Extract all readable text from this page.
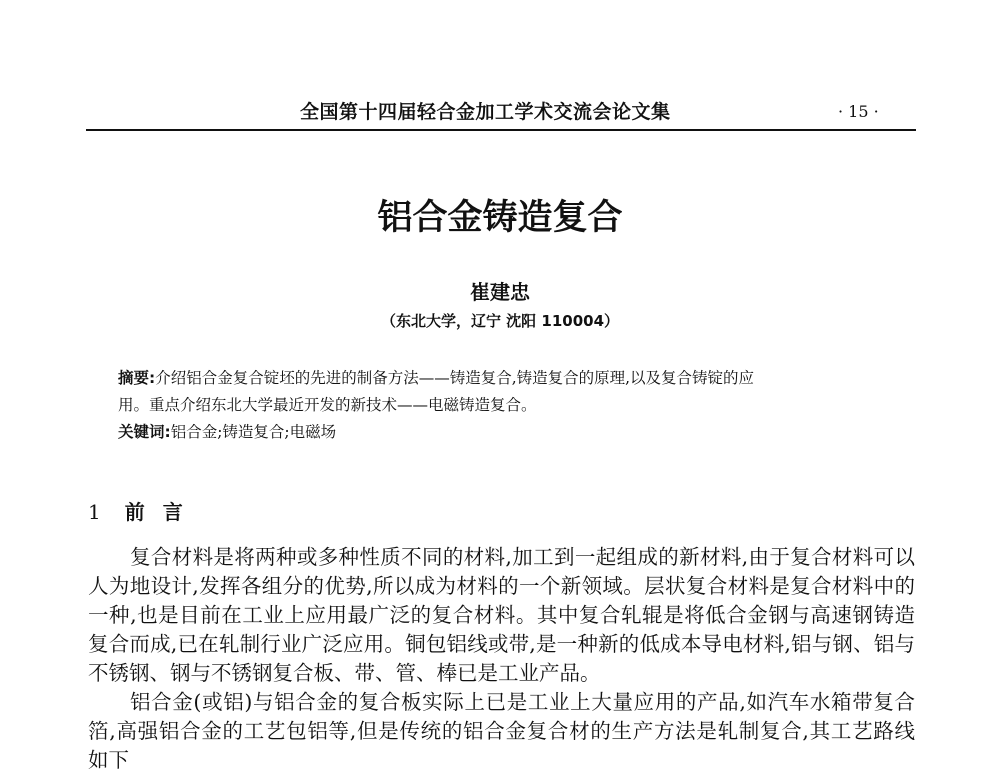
全国第十四届轻合金加工学术交流会论文集	· 15 ·
铝合金铸造复合
崔建忠
（东北大学，辽宁 沈阳 110004）
摘要:介绍铝合金复合锭坯的先进的制备方法——铸造复合,铸造复合的原理,以及复合铸锭的应
用。重点介绍东北大学最近开发的新技术——电磁铸造复合。
关键词:铝合金;铸造复合;电磁场
1 前 言
复合材料是将两种或多种性质不同的材料,加工到一起组成的新材料,由于复合材料可以
人为地设计,发挥各组分的优势,所以成为材料的一个新领域。层状复合材料是复合材料中的
一种,也是目前在工业上应用最广泛的复合材料。其中复合轧辊是将低合金钢与高速钢铸造
复合而成,已在轧制行业广泛应用。铜包铝线或带,是一种新的低成本导电材料,铝与钢、铝与
不锈钢、钢与不锈钢复合板、带、管、棒已是工业产品。
铝合金(或铝)与铝合金的复合板实际上已是工业上大量应用的产品,如汽车水箱带复合
箔,高强铝合金的工艺包铝等,但是传统的铝合金复合材的生产方法是轧制复合,其工艺路线
如下
